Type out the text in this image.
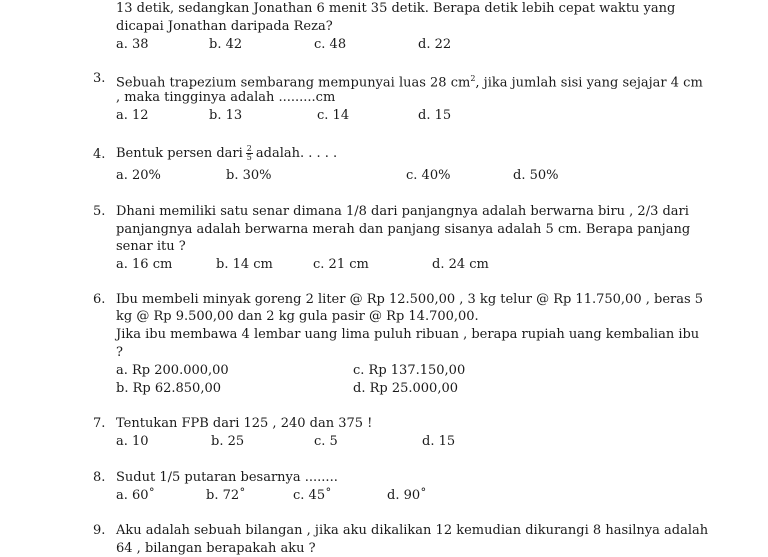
13 detik, sedangkan Jonathan 6 menit 35 detik. Berapa detik lebih cepat waktu yang
dicapai Jonathan daripada Reza?
a. 38	b. 42	c. 48	d. 22
3. Sebuah trapezium sembarang mempunyai luas 28 $cm^2$, jika jumlah sisi yang sejajar 4 cm
, maka tingginya adalah .........cm
a. 12	b. 13	c. 14	d. 15
4. Bentuk persen dari $\frac{2}{5}$ adalah. . . . .
a. 20%	b. 30%	c. 40%	d. 50%
5. Dhani memiliki satu senar dimana 1/8 dari panjangnya adalah berwarna biru , 2/3 dari
panjangnya adalah berwarna merah dan panjang sisanya adalah 5 cm. Berapa panjang
senar itu ?
a. 16 cm	b. 14 cm	c. 21 cm	d. 24 cm
6. Ibu membeli minyak goreng 2 liter @ Rp 12.500,00 , 3 kg telur @ Rp 11.750,00 , beras 5
kg @ Rp 9.500,00 dan 2 kg gula pasir @ Rp 14.700,00.
Jika ibu membawa 4 lembar uang lima puluh ribuan , berapa rupiah uang kembalian ibu
?
a. Rp 200.000,00	c. Rp 137.150,00
b. Rp 62.850,00	d. Rp 25.000,00
7. Tentukan FPB dari 125 , 240 dan 375 !
a. 10	b. 25	c. 5	d. 15
8. Sudut 1/5 putaran besarnya ........
a. 60˚	b. 72˚	c. 45˚	d. 90˚
9. Aku adalah sebuah bilangan , jika aku dikalikan 12 kemudian dikurangi 8 hasilnya adalah
64 , bilangan berapakah aku ?
